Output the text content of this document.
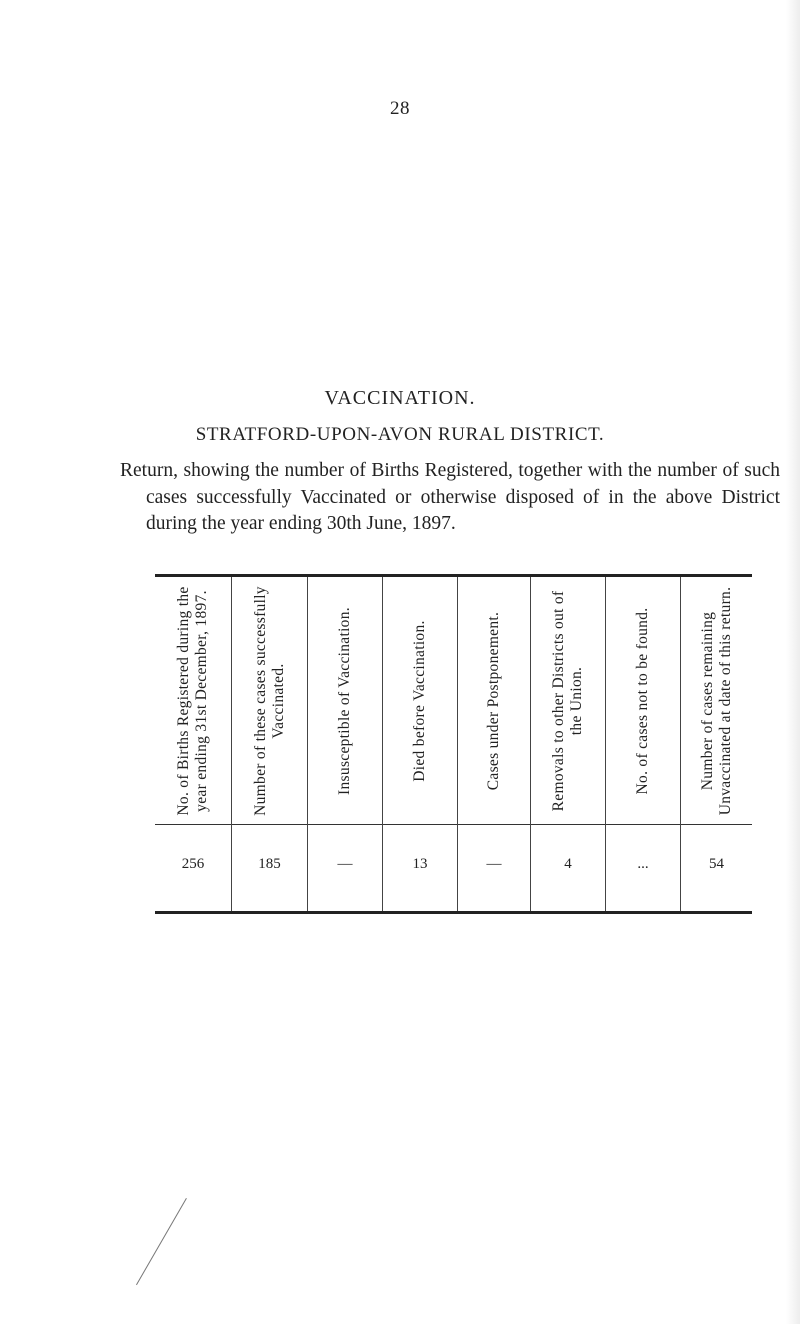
28
VACCINATION.
STRATFORD-UPON-AVON RURAL DISTRICT.
Return, showing the number of Births Registered, together with the number of such cases successfully Vaccinated or otherwise disposed of in the above District during the year ending 30th June, 1897.
No. of Births Registered during the year ending 31st December, 1897.	Number of these cases successfully Vaccinated.	Insusceptible of Vaccination.	Died before Vaccination.	Cases under Postponement.	Removals to other Districts out of the Union.	No. of cases not to be found.	Number of cases remaining Unvaccinated at date of this return.
256	185	—	13	—	4	...	54
